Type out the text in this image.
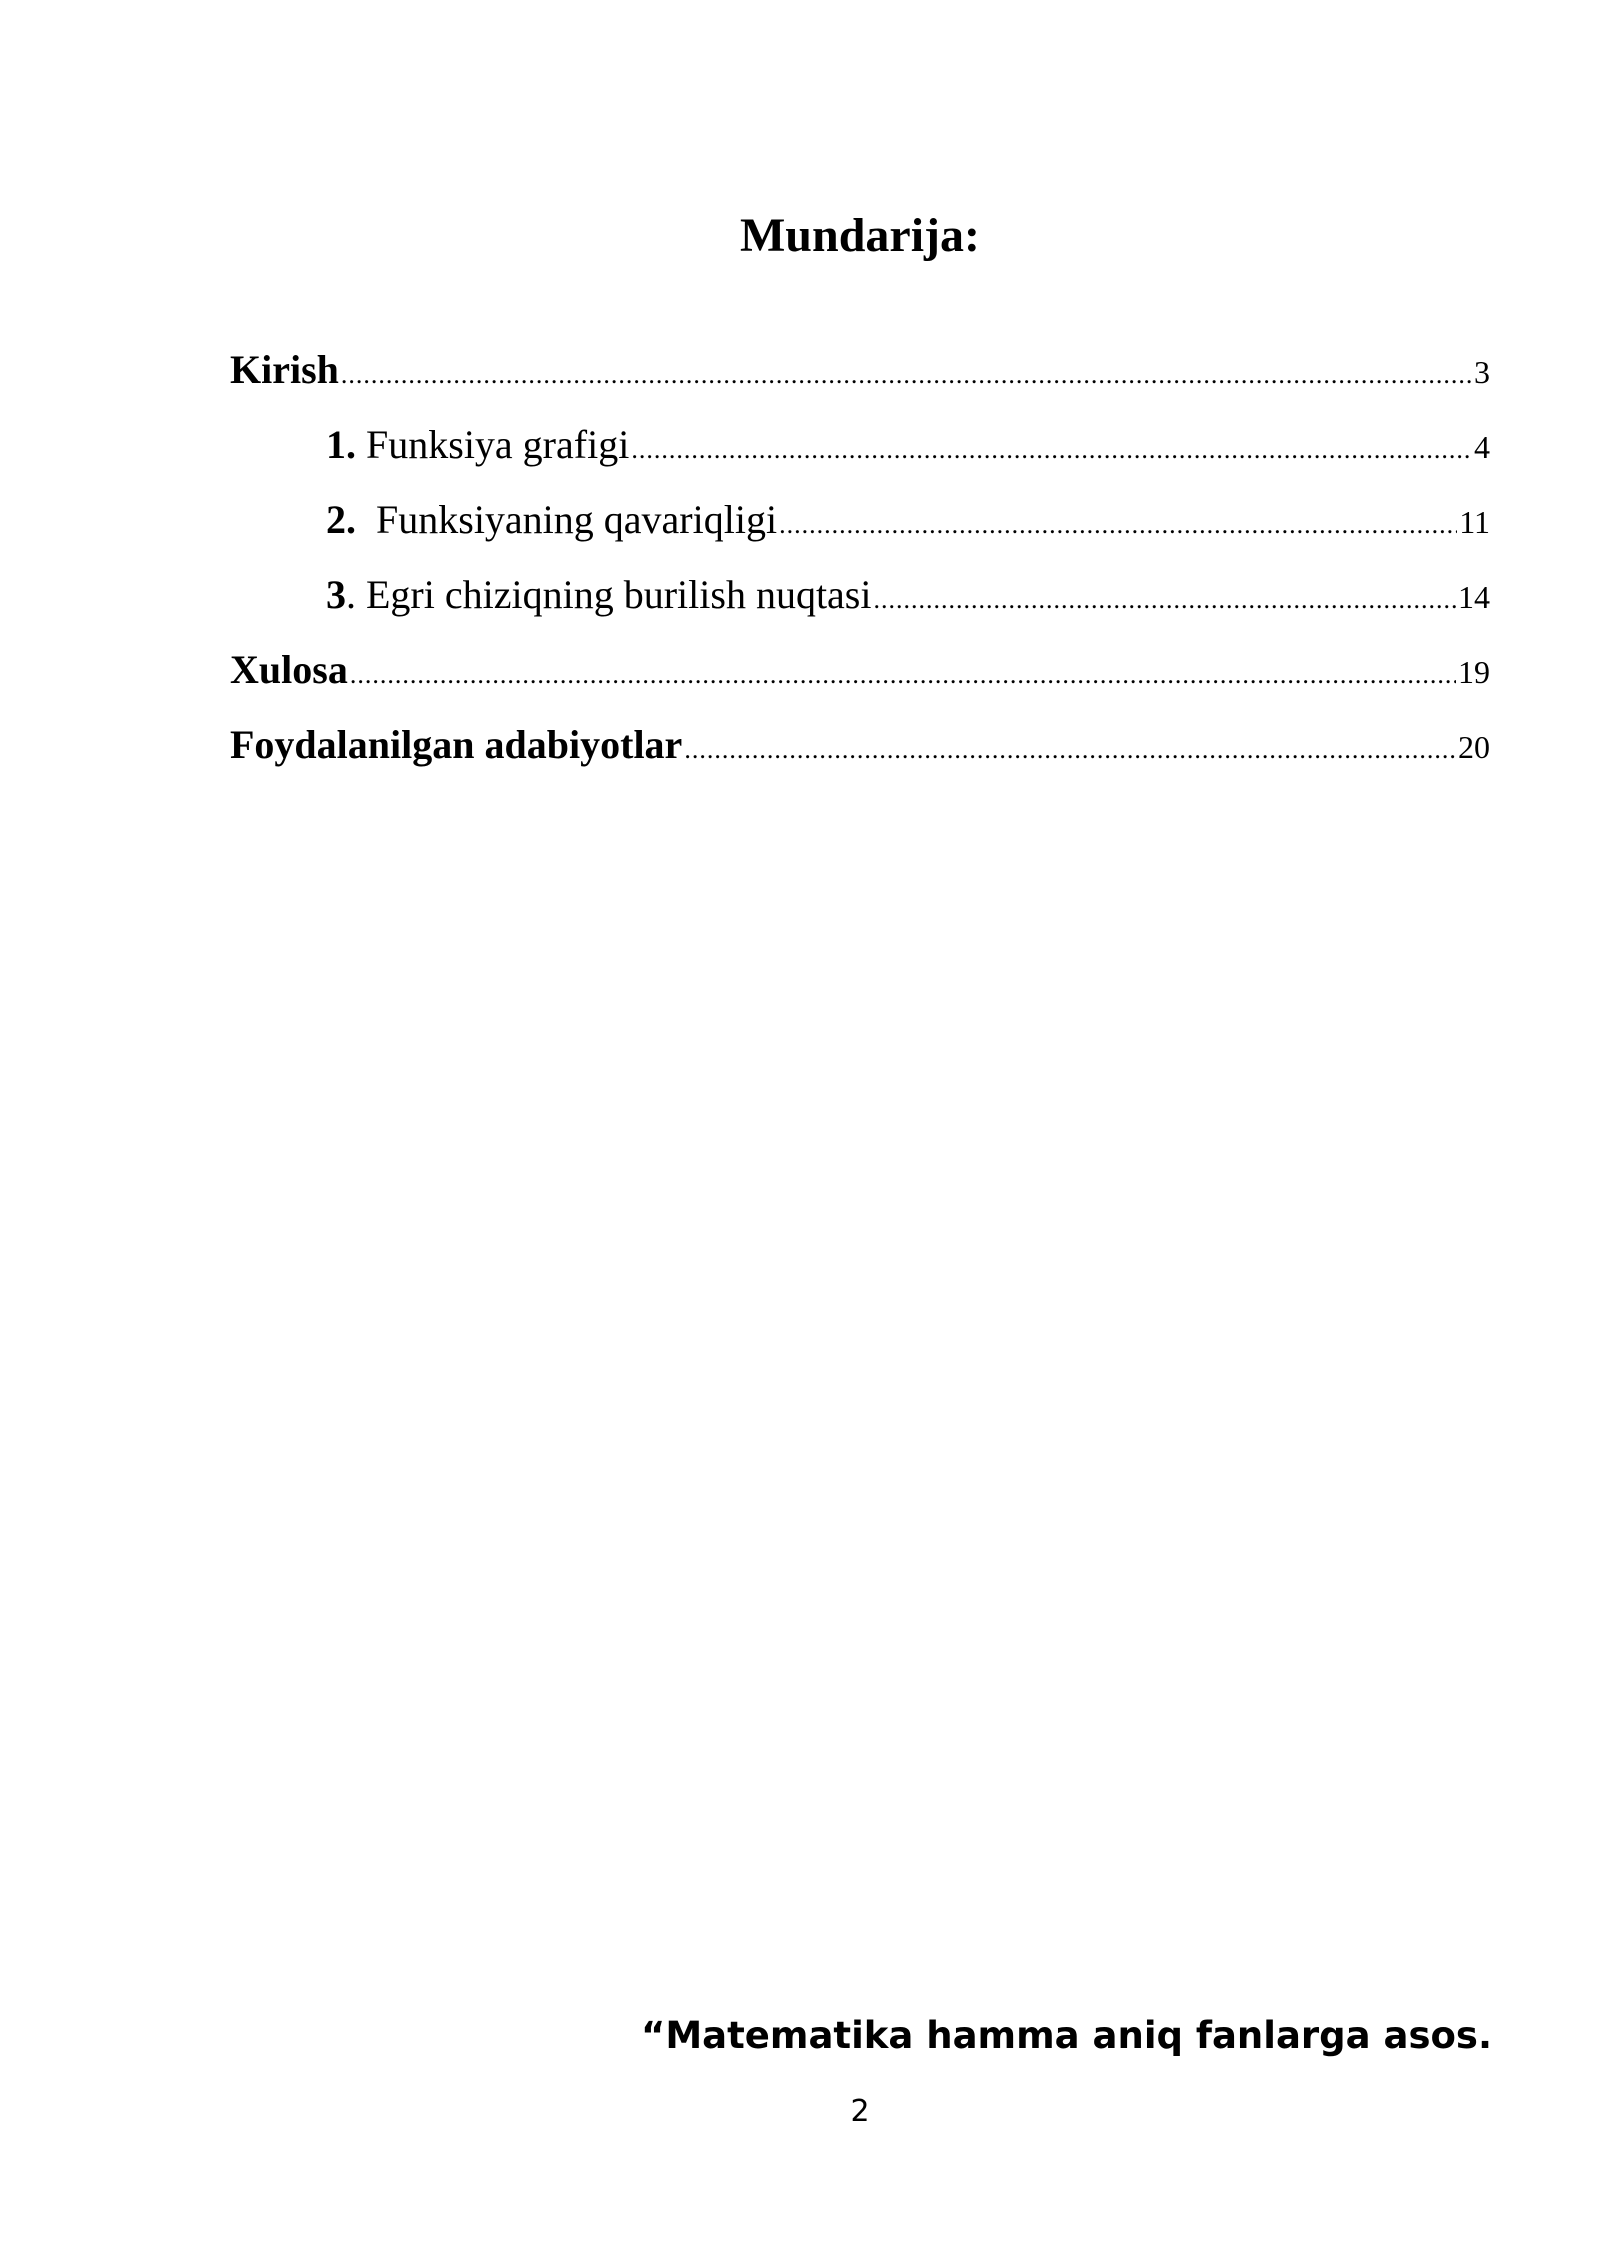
Mundarija:
Kirish .....	3
1. Funksiya grafigi .....	4
2. Funksiyaning qavariqligi .....	11
3. Egri chiziqning burilish nuqtasi .....	14
Xulosa .....	19
Foydalanilgan adabiyotlar .....	20

“Matematika hamma aniq fanlarga asos.

2
